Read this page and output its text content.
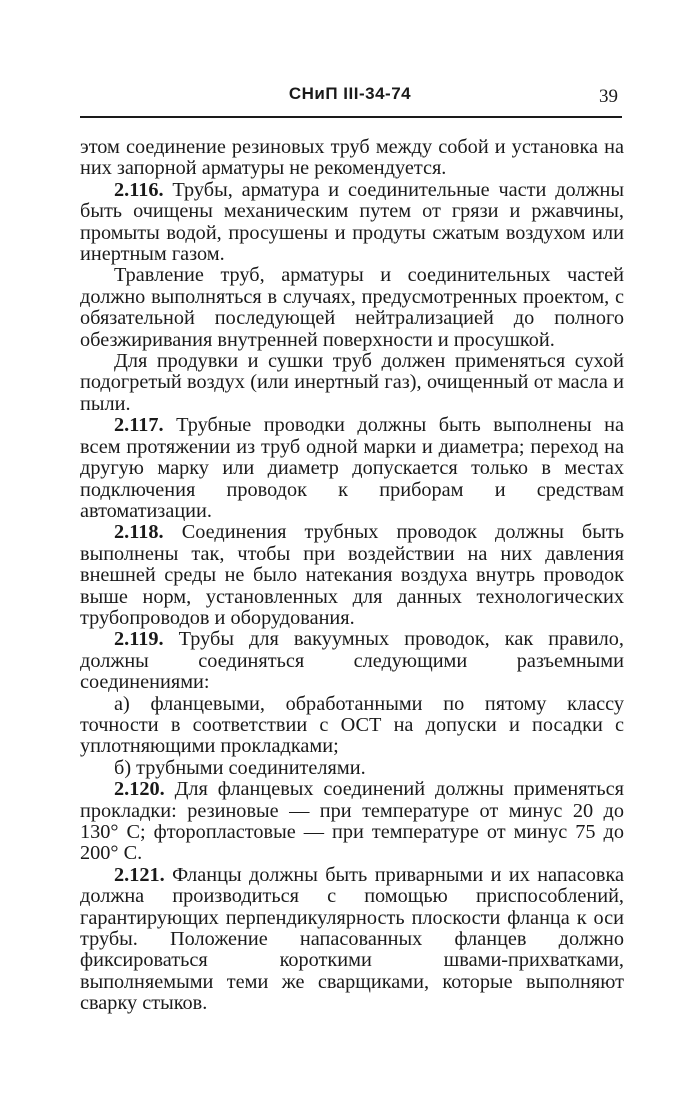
СНиП III-34-74	39

этом соединение резиновых труб между собой и установка на них запорной арматуры не рекомендуется.

2.116. Трубы, арматура и соединительные части должны быть очищены механическим путем от грязи и ржавчины, промыты водой, просушены и продуты сжатым воздухом или инертным газом.

Травление труб, арматуры и соединительных частей должно выполняться в случаях, предусмотренных проектом, с обязательной последующей нейтрализацией до полного обезжиривания внутренней поверхности и просушкой.

Для продувки и сушки труб должен применяться сухой подогретый воздух (или инертный газ), очищенный от масла и пыли.

2.117. Трубные проводки должны быть выполнены на всем протяжении из труб одной марки и диаметра; переход на другую марку или диаметр допускается только в местах подключения проводок к приборам и средствам автоматизации.

2.118. Соединения трубных проводок должны быть выполнены так, чтобы при воздействии на них давления внешней среды не было натекания воздуха внутрь проводок выше норм, установленных для данных технологических трубопроводов и оборудования.

2.119. Трубы для вакуумных проводок, как правило, должны соединяться следующими разъемными соединениями:

а) фланцевыми, обработанными по пятому классу точности в соответствии с ОСТ на допуски и посадки с уплотняющими прокладками;

б) трубными соединителями.

2.120. Для фланцевых соединений должны применяться прокладки: резиновые — при температуре от минус 20 до 130° С; фторопластовые — при температуре от минус 75 до 200° С.

2.121. Фланцы должны быть приварными и их напасовка должна производиться с помощью приспособлений, гарантирующих перпендикулярность плоскости фланца к оси трубы. Положение напасованных фланцев должно фиксироваться короткими швами-прихватками, выполняемыми теми же сварщиками, которые выполняют сварку стыков.
